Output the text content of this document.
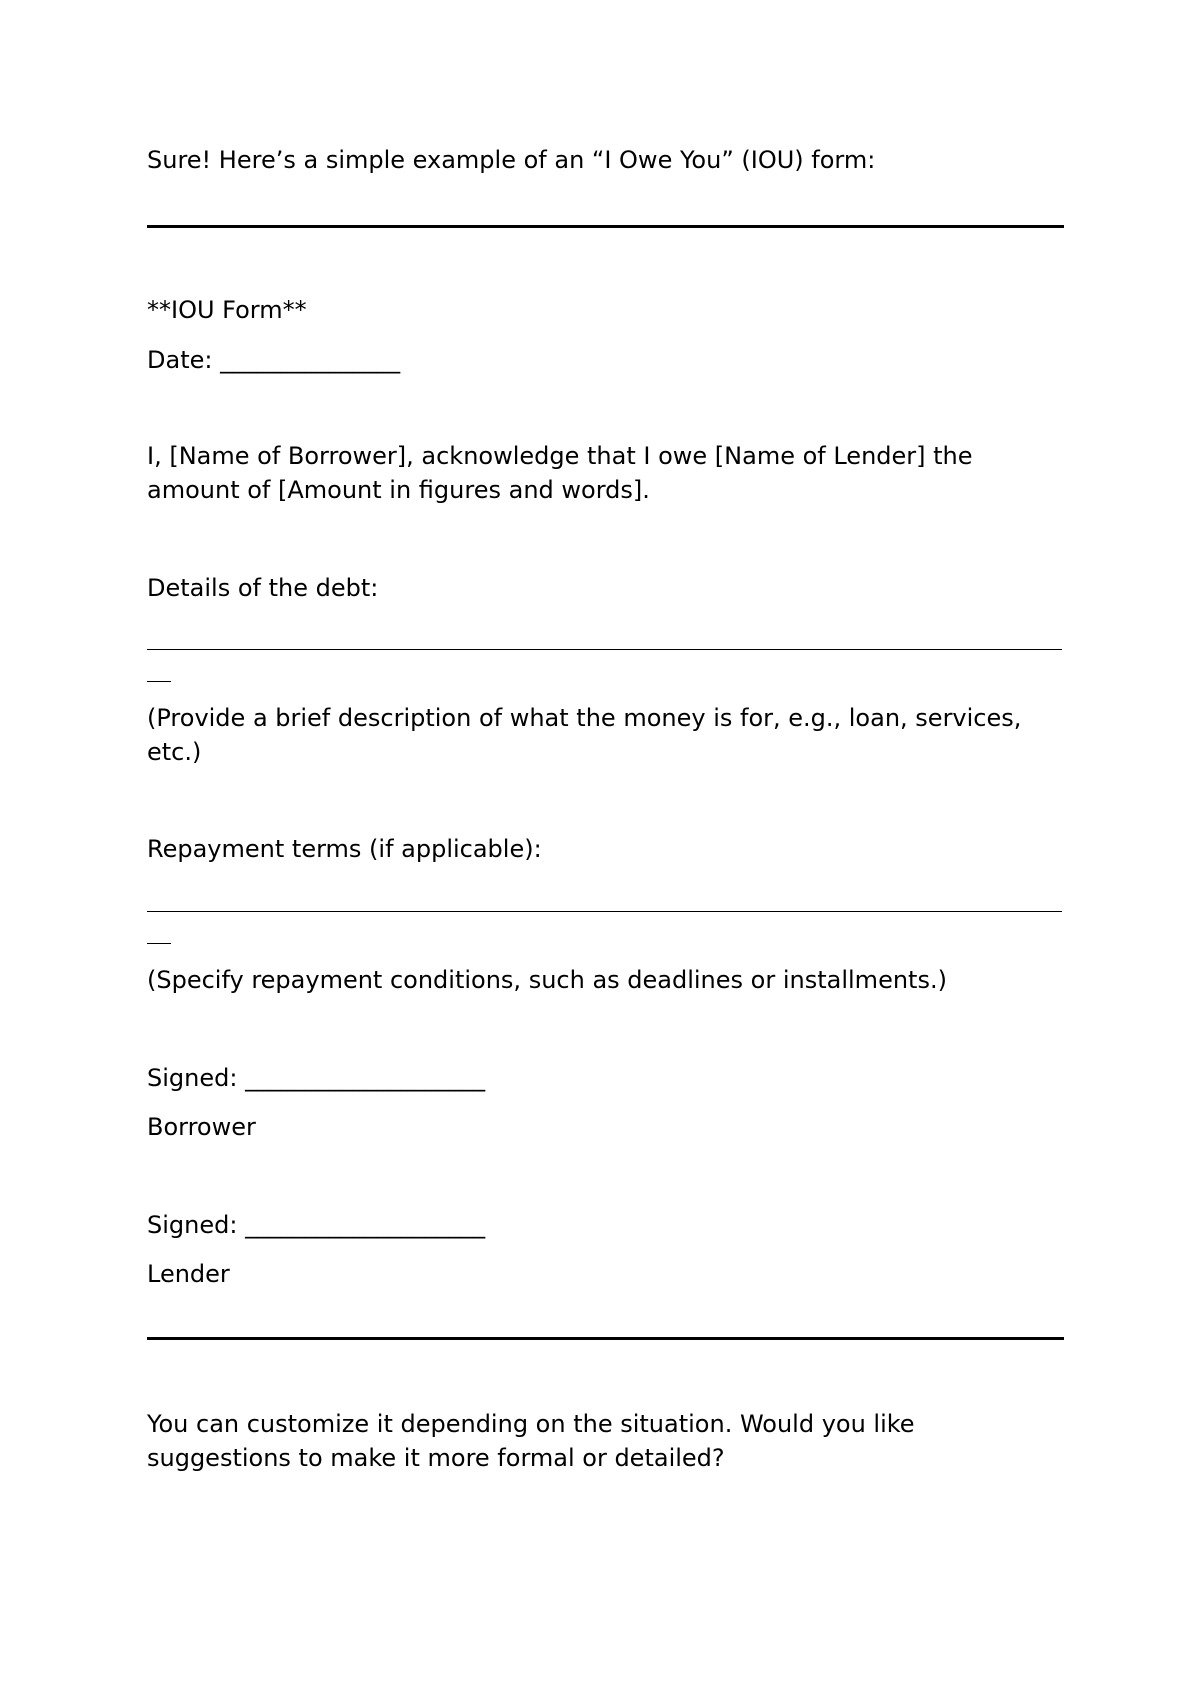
Sure! Here’s a simple example of an “I Owe You” (IOU) form:
**IOU Form**
Date: _______________
I, [Name of Borrower], acknowledge that I owe [Name of Lender] the
amount of [Amount in figures and words].
Details of the debt:
(Provide a brief description of what the money is for, e.g., loan, services,
etc.)
Repayment terms (if applicable):
(Specify repayment conditions, such as deadlines or installments.)
Signed: ____________________
Borrower
Signed: ____________________
Lender
You can customize it depending on the situation. Would you like
suggestions to make it more formal or detailed?
